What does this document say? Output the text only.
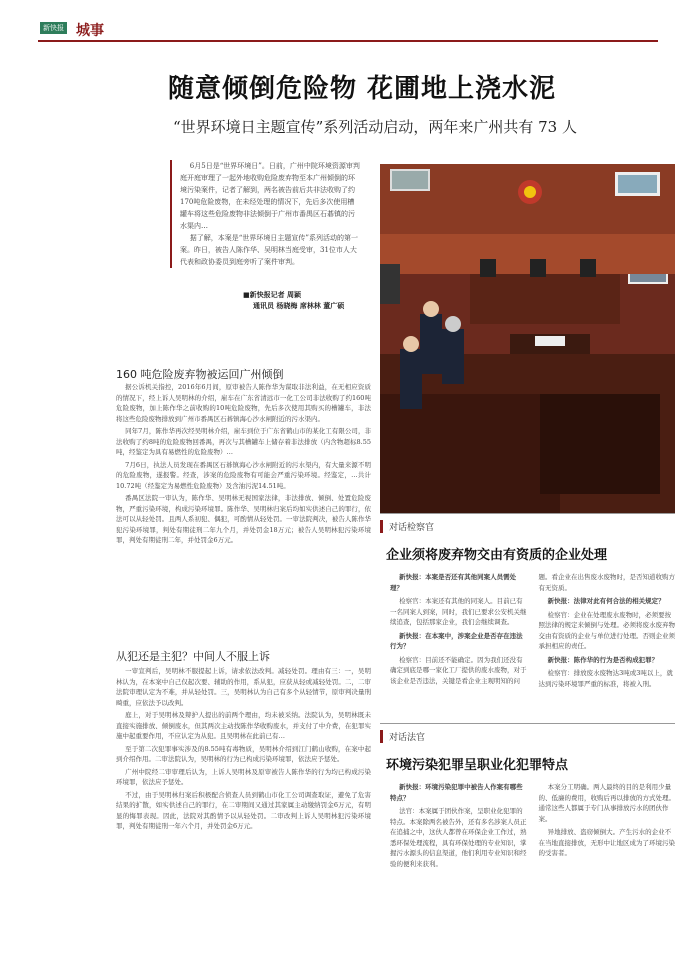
新快报 城事
随意倾倒危险物 花圃地上浇水泥
“世界环境日主题宣传”系列活动启动，两年来广州共有 73 人
6月5日是“世界环境日”。日前，广州中院环境资源审判庭开庭审理了一起外地收购危险废弃物至本广州倾倒的环境污染案件，记者了解到，两名被告前后共非法收购了约170吨危险废物，在未经处理的情况下，先后多次使用槽罐车将这些危险废物非法倾倒于广州市番禺区石碁镇的污水渠内…
据了解，本案是“世界环境日主题宣传”系列活动的第一案。昨日，被告人陈作华、吴明林当庭受审，31位市人大代表和政协委员到庭旁听了案件审判。
■新快报记者 周颖
通讯员 杨晓梅 席林林 董广硕
160 吨危险废弃物被运回广州倾倒

据公诉机关指控，2016年6月间，原审被告人陈作华为谋取非法利益，在无相应资质的情况下，经上诉人吴明林的介绍，雇车在广东省清远市一化工公司非法收购了约160吨危险废物，加上陈作华之前收购的10吨危险废物，先后多次使用其购买的槽罐车，非法将这些危险废物排放到广州市番禺区石碁镇海心沙水闸附近的污水渠内。

同年7月，陈作华再次经吴明林介绍，雇车到位于广东省鹤山市的某化工有限公司，非法收购了约8吨的危险废物回番禺，再次与其槽罐车上储存着非法排放（内含物超标8.55吨，经鉴定为具有易燃性的危险废物）…

7月6日，执法人员发现在番禺区石碁镇海心沙水闸附近的污水渠内，有大量来源不明的危险废物，遂报警。经查，涉案的危险废物有可能会严重污染环境。经鉴定，…共计10.72吨（经鉴定为易燃性危险废物）及含油污泥14.51吨。

番禺区法院一审认为，陈作华、吴明林无视国家法律，非法排放、倾倒、处置危险废物，严重污染环境，构成污染环境罪。陈作华、吴明林归案后均如实供述自己的罪行，依法可以从轻处罚。且两人系初犯、偶犯，可酌情从轻处罚。一审法院判决，被告人陈作华犯污染环境罪，判处有期徒刑二年九个月，并处罚金18万元；被告人吴明林犯污染环境罪，判处有期徒刑二年，并处罚金6万元。

从犯还是主犯？中间人不服上诉

一审宣判后，吴明林不服提起上诉，请求依法改判。减轻处罚。理由有三：一，吴明林认为，在本案中自己仅起次要、辅助的作用，系从犯，应获从轻或减轻处罚。二，二审法院审理认定为不难，并从轻处罚。三，吴明林认为自己有多个从轻情节，原审判决量刑畸重，应依法予以改判。

庭上，对于吴明林及辩护人提出的前两个理由，均未被采纳。法院认为，吴明林既未直接实施排放、倾倒废水，但其两次主动找陈作华收购废水，并支付了中介费，在犯罪实施中起重要作用，不应认定为从犯。且吴明林在此前已有…

至于第二次犯罪事实涉及的8.55吨有毒物质，吴明林介绍到江门鹤山收购，在案中起到介绍作用。二审法院认为，吴明林的行为已构成污染环境罪，依法应予惩处。

广州中院经二审审理后认为，上诉人吴明林及原审被告人陈作华的行为均已构成污染环境罪，依法应予惩处。

不过，由于吴明林归案后积极配合侦查人员到鹤山市化工公司调查取证，避免了危害结果的扩散，如实供述自己的罪行，在二审期间又通过其家属主动缴纳罚金6万元，有明显的悔罪表现。因此，法院对其酌情予以从轻处罚。二审改判上诉人吴明林犯污染环境罪，判处有期徒刑一年六个月，并处罚金6万元。

对话检察官
企业须将废弃物交由有资质的企业处理

新快报：本案是否还有其他同案人员需处理？

检察官：本案还有其他的同案人。目前已有一名同案人到案，同时，我们已要求公安机关继续追查，包括那家企业，我们会继续调查。

新快报：在本案中，涉案企业是否存在违法行为？

检察官：目前还不能确定。因为我们还没有确定到底是哪一家化工厂提供的废水废物，对于该企业是否违法，关键是看企业主观明知的问题。看企业在出售废水废物时，是否知道收购方有无资质。

新快报：法律对此有何合法的相关规定？

检察官：企业在处理废水废物时，必须要按照法律的规定来倾倒与处理。必须将废水废弃物交由有资质的企业与单位进行处理。否则企业须承担相应的责任。

新快报：陈作华的行为是否构成犯罪？

检察官：排放废水废物达3吨或3吨以上，就达到污染环境罪严重的标准，将被入刑。

对话法官
环境污染犯罪呈职业化犯罪特点

新快报：环境污染犯罪中被告人作案有哪些特点？

法官：本案属于团伙作案，呈职业化犯罪的特点。本案除两名被告外，还有多名涉案人员正在追捕之中，这伙人都曾在环保企业工作过，熟悉环保处理流程，具有环保处理的专业知识，掌握污水源头的信息渠道，他们利用专业知识和经验的便利来获利。

本案分工明确。两人最终的目的是利用少量的、低廉的费用，收购后再以排放的方式处理。通常这些人都属于专门从事排放污水的团伙作案。

异地排放、盗窃倾倒大。产生污水的企业不在当地直接排放，无形中让地区成为了环境污染的受害者。
